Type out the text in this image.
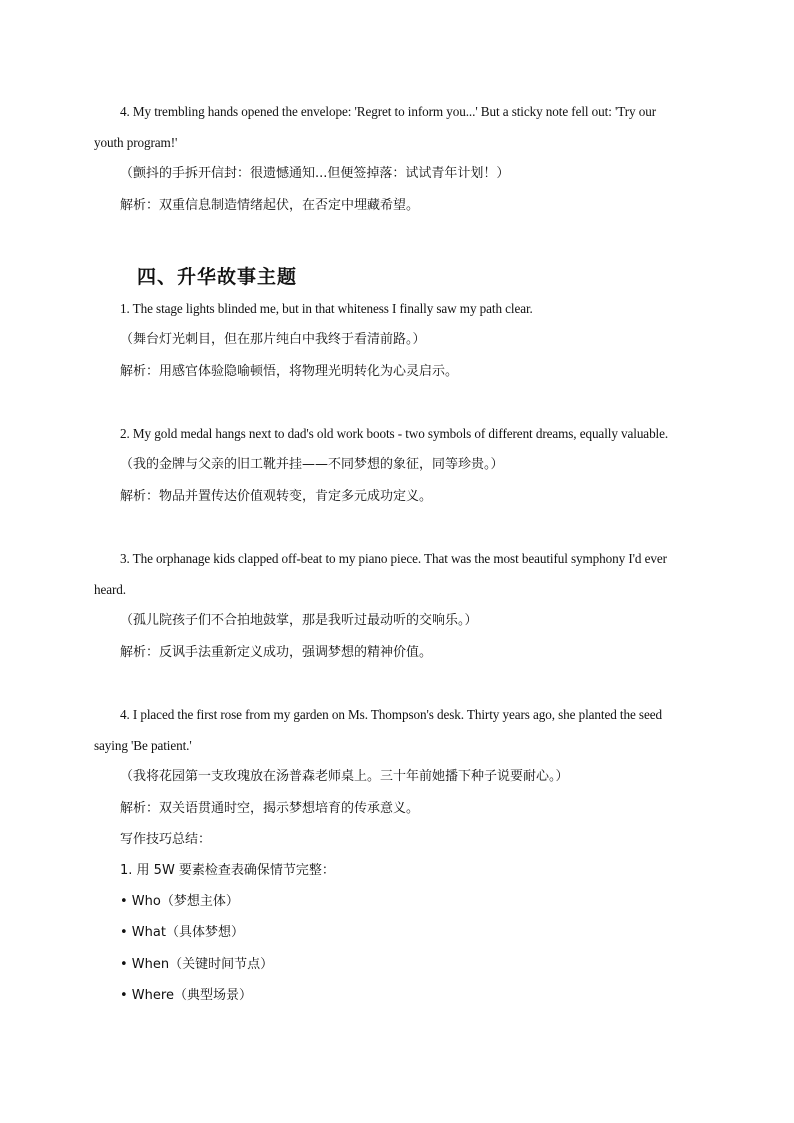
4. My trembling hands opened the envelope: 'Regret to inform you...' But a sticky note fell out: 'Try our
youth program!'
（颤抖的手拆开信封：很遗憾通知...但便签掉落：试试青年计划！）
解析：双重信息制造情绪起伏，在否定中埋藏希望。
四、升华故事主题
1. The stage lights blinded me, but in that whiteness I finally saw my path clear.
（舞台灯光刺目，但在那片纯白中我终于看清前路。）
解析：用感官体验隐喻顿悟，将物理光明转化为心灵启示。
2. My gold medal hangs next to dad's old work boots - two symbols of different dreams, equally valuable.
（我的金牌与父亲的旧工靴并挂——不同梦想的象征，同等珍贵。）
解析：物品并置传达价值观转变，肯定多元成功定义。
3. The orphanage kids clapped off-beat to my piano piece. That was the most beautiful symphony I'd ever
heard.
（孤儿院孩子们不合拍地鼓掌，那是我听过最动听的交响乐。）
解析：反讽手法重新定义成功，强调梦想的精神价值。
4. I placed the first rose from my garden on Ms. Thompson's desk. Thirty years ago, she planted the seed
saying 'Be patient.'
（我将花园第一支玫瑰放在汤普森老师桌上。三十年前她播下种子说要耐心。）
解析：双关语贯通时空，揭示梦想培育的传承意义。
写作技巧总结：
1. 用 5W 要素检查表确保情节完整：
• Who（梦想主体）
• What（具体梦想）
• When（关键时间节点）
• Where（典型场景）
